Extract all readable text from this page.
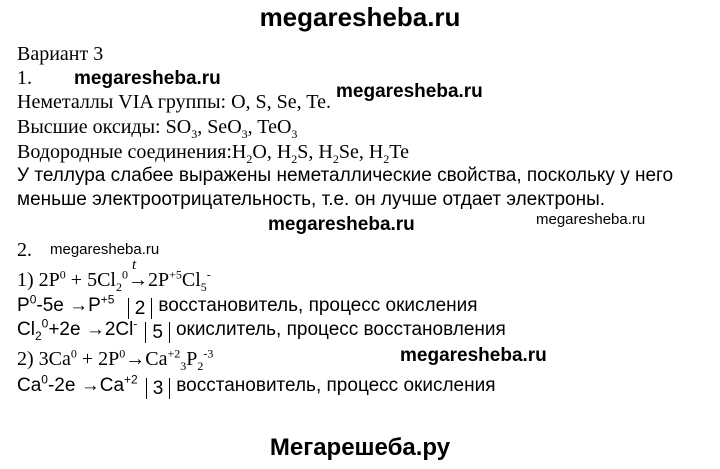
megaresheba.ru
megaresheba.ru
megaresheba.ru
megaresheba.ru	megaresheba.ru
megaresheba.ru
megaresheba.ru
Мегарешеба.ру
Вариант 3
1.
Неметаллы VIA группы: O, S, Se, Te.
Высшие оксиды: $SO_3$, SeO$_3$, TeO$_3$
Водородные $соединения:H_2O$, $H_2S$, $H_2Se$, $H_2Te$
У теллура слабее выражены неметаллические свойства, поскольку у него
меньше электроотрицательность, т.е. он лучше отдает электроны.
2.
1) $2P^0 + 5Cl_2^0\to$
t
$2P^{+5}Cl_5^-$
$P^0-5e \to P^{+5}$ 2 восстановитель, процесс окисления
$Cl_2^0+2e \to 2Cl^-$ 5 окислитель, процесс восстановления
2) $3Ca^0 + 2P^0\to Ca^{+2}_3P_2^{-3}$
$Ca^0-2e \to Ca^{+2}$ 3 восстановитель, процесс окисления
